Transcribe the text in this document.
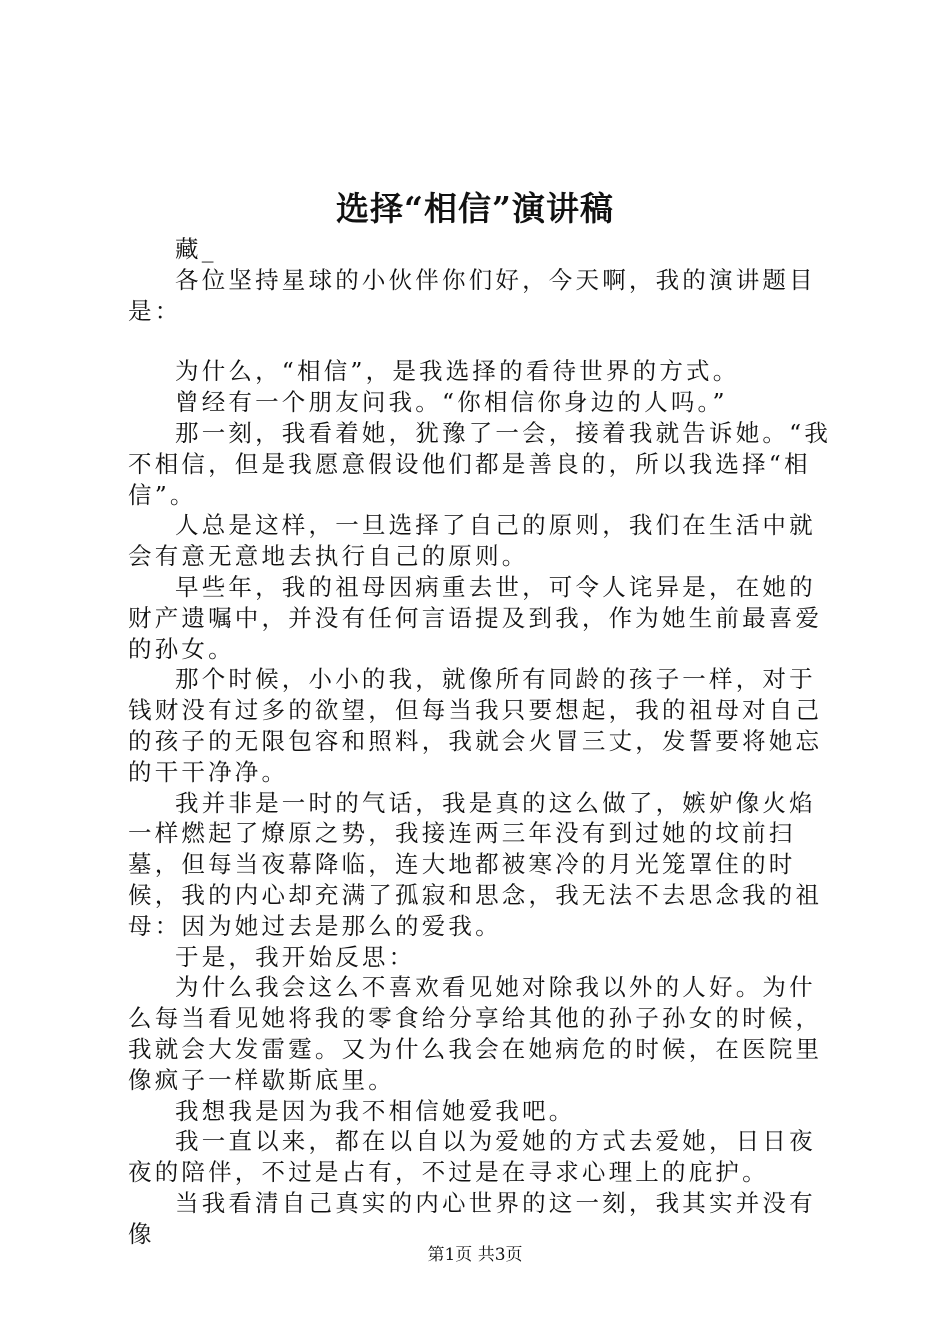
选择“相信”演讲稿

藏_

各位坚持星球的小伙伴你们好，今天啊，我的演讲题目是：

为什么，“相信”，是我选择的看待世界的方式。

曾经有一个朋友问我。“你相信你身边的人吗。”

那一刻，我看着她，犹豫了一会，接着我就告诉她。“我不相信，但是我愿意假设他们都是善良的，所以我选择“相信”。

人总是这样，一旦选择了自己的原则，我们在生活中就会有意无意地去执行自己的原则。

早些年，我的祖母因病重去世，可令人诧异是，在她的财产遗嘱中，并没有任何言语提及到我，作为她生前最喜爱的孙女。

那个时候，小小的我，就像所有同龄的孩子一样，对于钱财没有过多的欲望，但每当我只要想起，我的祖母对自己的孩子的无限包容和照料，我就会火冒三丈，发誓要将她忘的干干净净。

我并非是一时的气话，我是真的这么做了，嫉妒像火焰一样燃起了燎原之势，我接连两三年没有到过她的坟前扫墓，但每当夜幕降临，连大地都被寒冷的月光笼罩住的时候，我的内心却充满了孤寂和思念，我无法不去思念我的祖母：因为她过去是那么的爱我。

于是，我开始反思：

为什么我会这么不喜欢看见她对除我以外的人好。为什么每当看见她将我的零食给分享给其他的孙子孙女的时候，我就会大发雷霆。又为什么我会在她病危的时候，在医院里像疯子一样歇斯底里。

我想我是因为我不相信她爱我吧。

我一直以来，都在以自以为爱她的方式去爱她，日日夜夜的陪伴，不过是占有，不过是在寻求心理上的庇护。

当我看清自己真实的内心世界的这一刻，我其实并没有像

第1页 共3页
